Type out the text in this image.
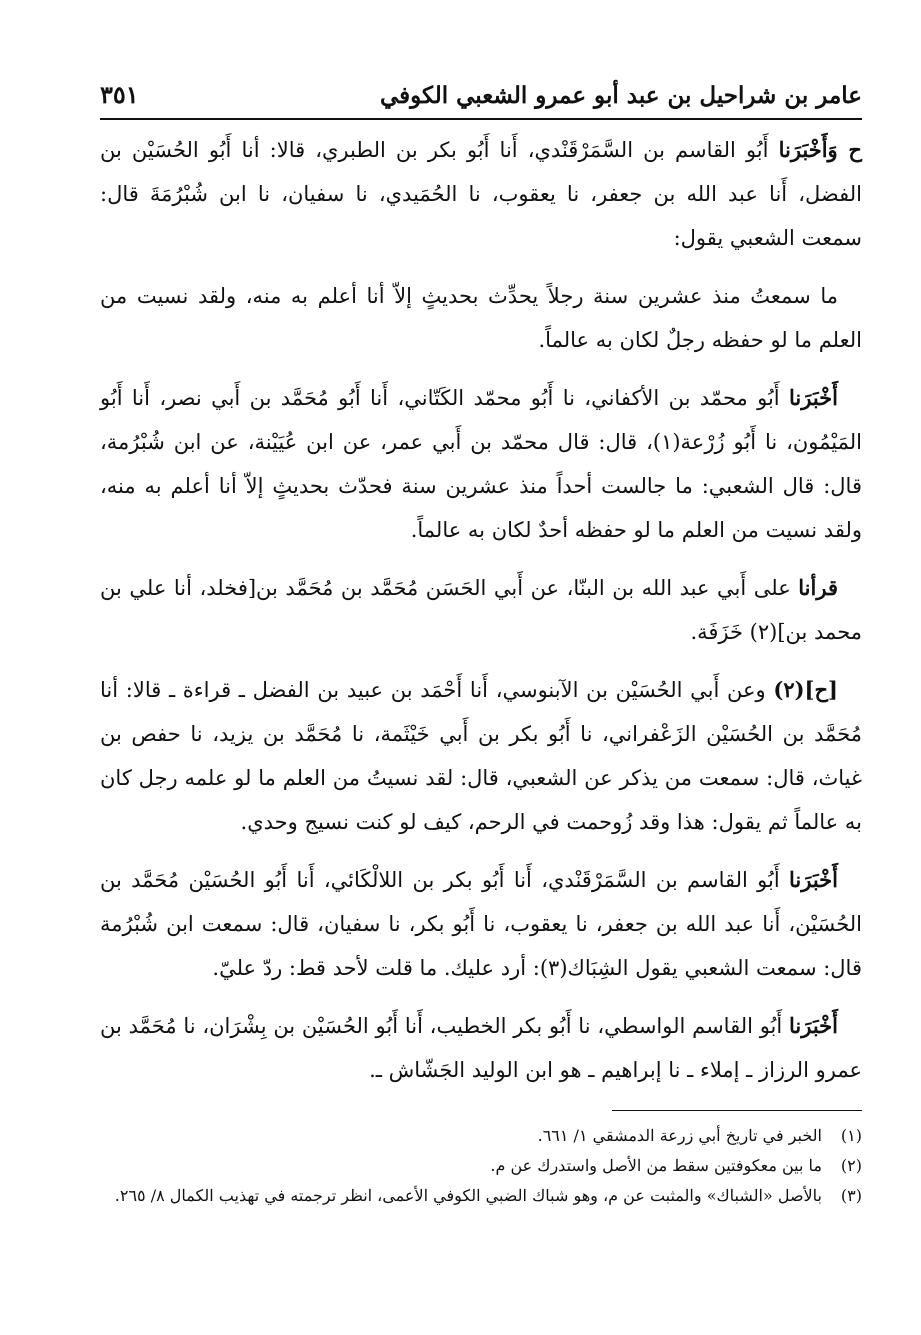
عامر بن شراحيل بن عبد أبو عمرو الشعبي الكوفي
٣٥١

ح وَأَخْبَرَنا أَبُو القاسم بن السَّمَرْقَنْدي، أَنا أَبُو بكر بن الطبري، قالا: أنا أَبُو الحُسَيْن بن الفضل، أَنا عبد الله بن جعفر، نا يعقوب، نا الحُمَيدي، نا سفيان، نا ابن شُبْرُمَةَ قال: سمعت الشعبي يقول:

ما سمعتُ منذ عشرين سنة رجلاً يحدِّث بحديثٍ إلاّ أنا أعلم به منه، ولقد نسيت من العلم ما لو حفظه رجلٌ لكان به عالماً.

أَخْبَرَنا أَبُو محمّد بن الأكفاني، نا أَبُو محمّد الكَتّاني، أَنا أَبُو مُحَمَّد بن أَبي نصر، أَنا أَبُو المَيْمُون، نا أَبُو زُرْعة(١)، قال: قال محمّد بن أَبي عمر، عن ابن عُيَيْنة، عن ابن شُبْرُمة، قال: قال الشعبي: ما جالست أحداً منذ عشرين سنة فحدّث بحديثٍ إلاّ أنا أعلم به منه، ولقد نسيت من العلم ما لو حفظه أحدٌ لكان به عالماً.

قرأنا على أَبي عبد الله بن البنّا، عن أَبي الحَسَن مُحَمَّد بن مُحَمَّد بن[فخلد، أنا علي بن محمد بن](٢) خَزَفَة.

[ح](٢) وعن أَبي الحُسَيْن بن الآبنوسي، أَنا أَحْمَد بن عبيد بن الفضل ـ قراءة ـ قالا: أنا مُحَمَّد بن الحُسَيْن الزَعْفراني، نا أَبُو بكر بن أَبي خَيْثَمة، نا مُحَمَّد بن يزيد، نا حفص بن غياث، قال: سمعت من يذكر عن الشعبي، قال: لقد نسيتُ من العلم ما لو علمه رجل كان به عالماً ثم يقول: هذا وقد زُوحمت في الرحم، كيف لو كنت نسيج وحدي.

أَخْبَرَنا أَبُو القاسم بن السَّمَرْقَنْدي، أَنا أَبُو بكر بن اللالْكَائي، أَنا أَبُو الحُسَيْن مُحَمَّد بن الحُسَيْن، أَنا عبد الله بن جعفر، نا يعقوب، نا أَبُو بكر، نا سفيان، قال: سمعت ابن شُبْرُمة قال: سمعت الشعبي يقول الشِبَاك(٣): أرد عليك. ما قلت لأحد قط: ردّ عليّ.

أَخْبَرَنا أَبُو القاسم الواسطي، نا أَبُو بكر الخطيب، أَنا أَبُو الحُسَيْن بن بِشْرَان، نا مُحَمَّد بن عمرو الرزاز ـ إملاء ـ نا إبراهيم ـ هو ابن الوليد الجَشّاش ـ.

(١)
الخبر في تاريخ أبي زرعة الدمشقي ١/ ٦٦١.
(٢)
ما بين معكوفتين سقط من الأصل واستدرك عن م.
(٣)
بالأصل «الشباك» والمثبت عن م، وهو شباك الضبي الكوفي الأعمى، انظر ترجمته في تهذيب الكمال ٨/ ٢٦٥.
